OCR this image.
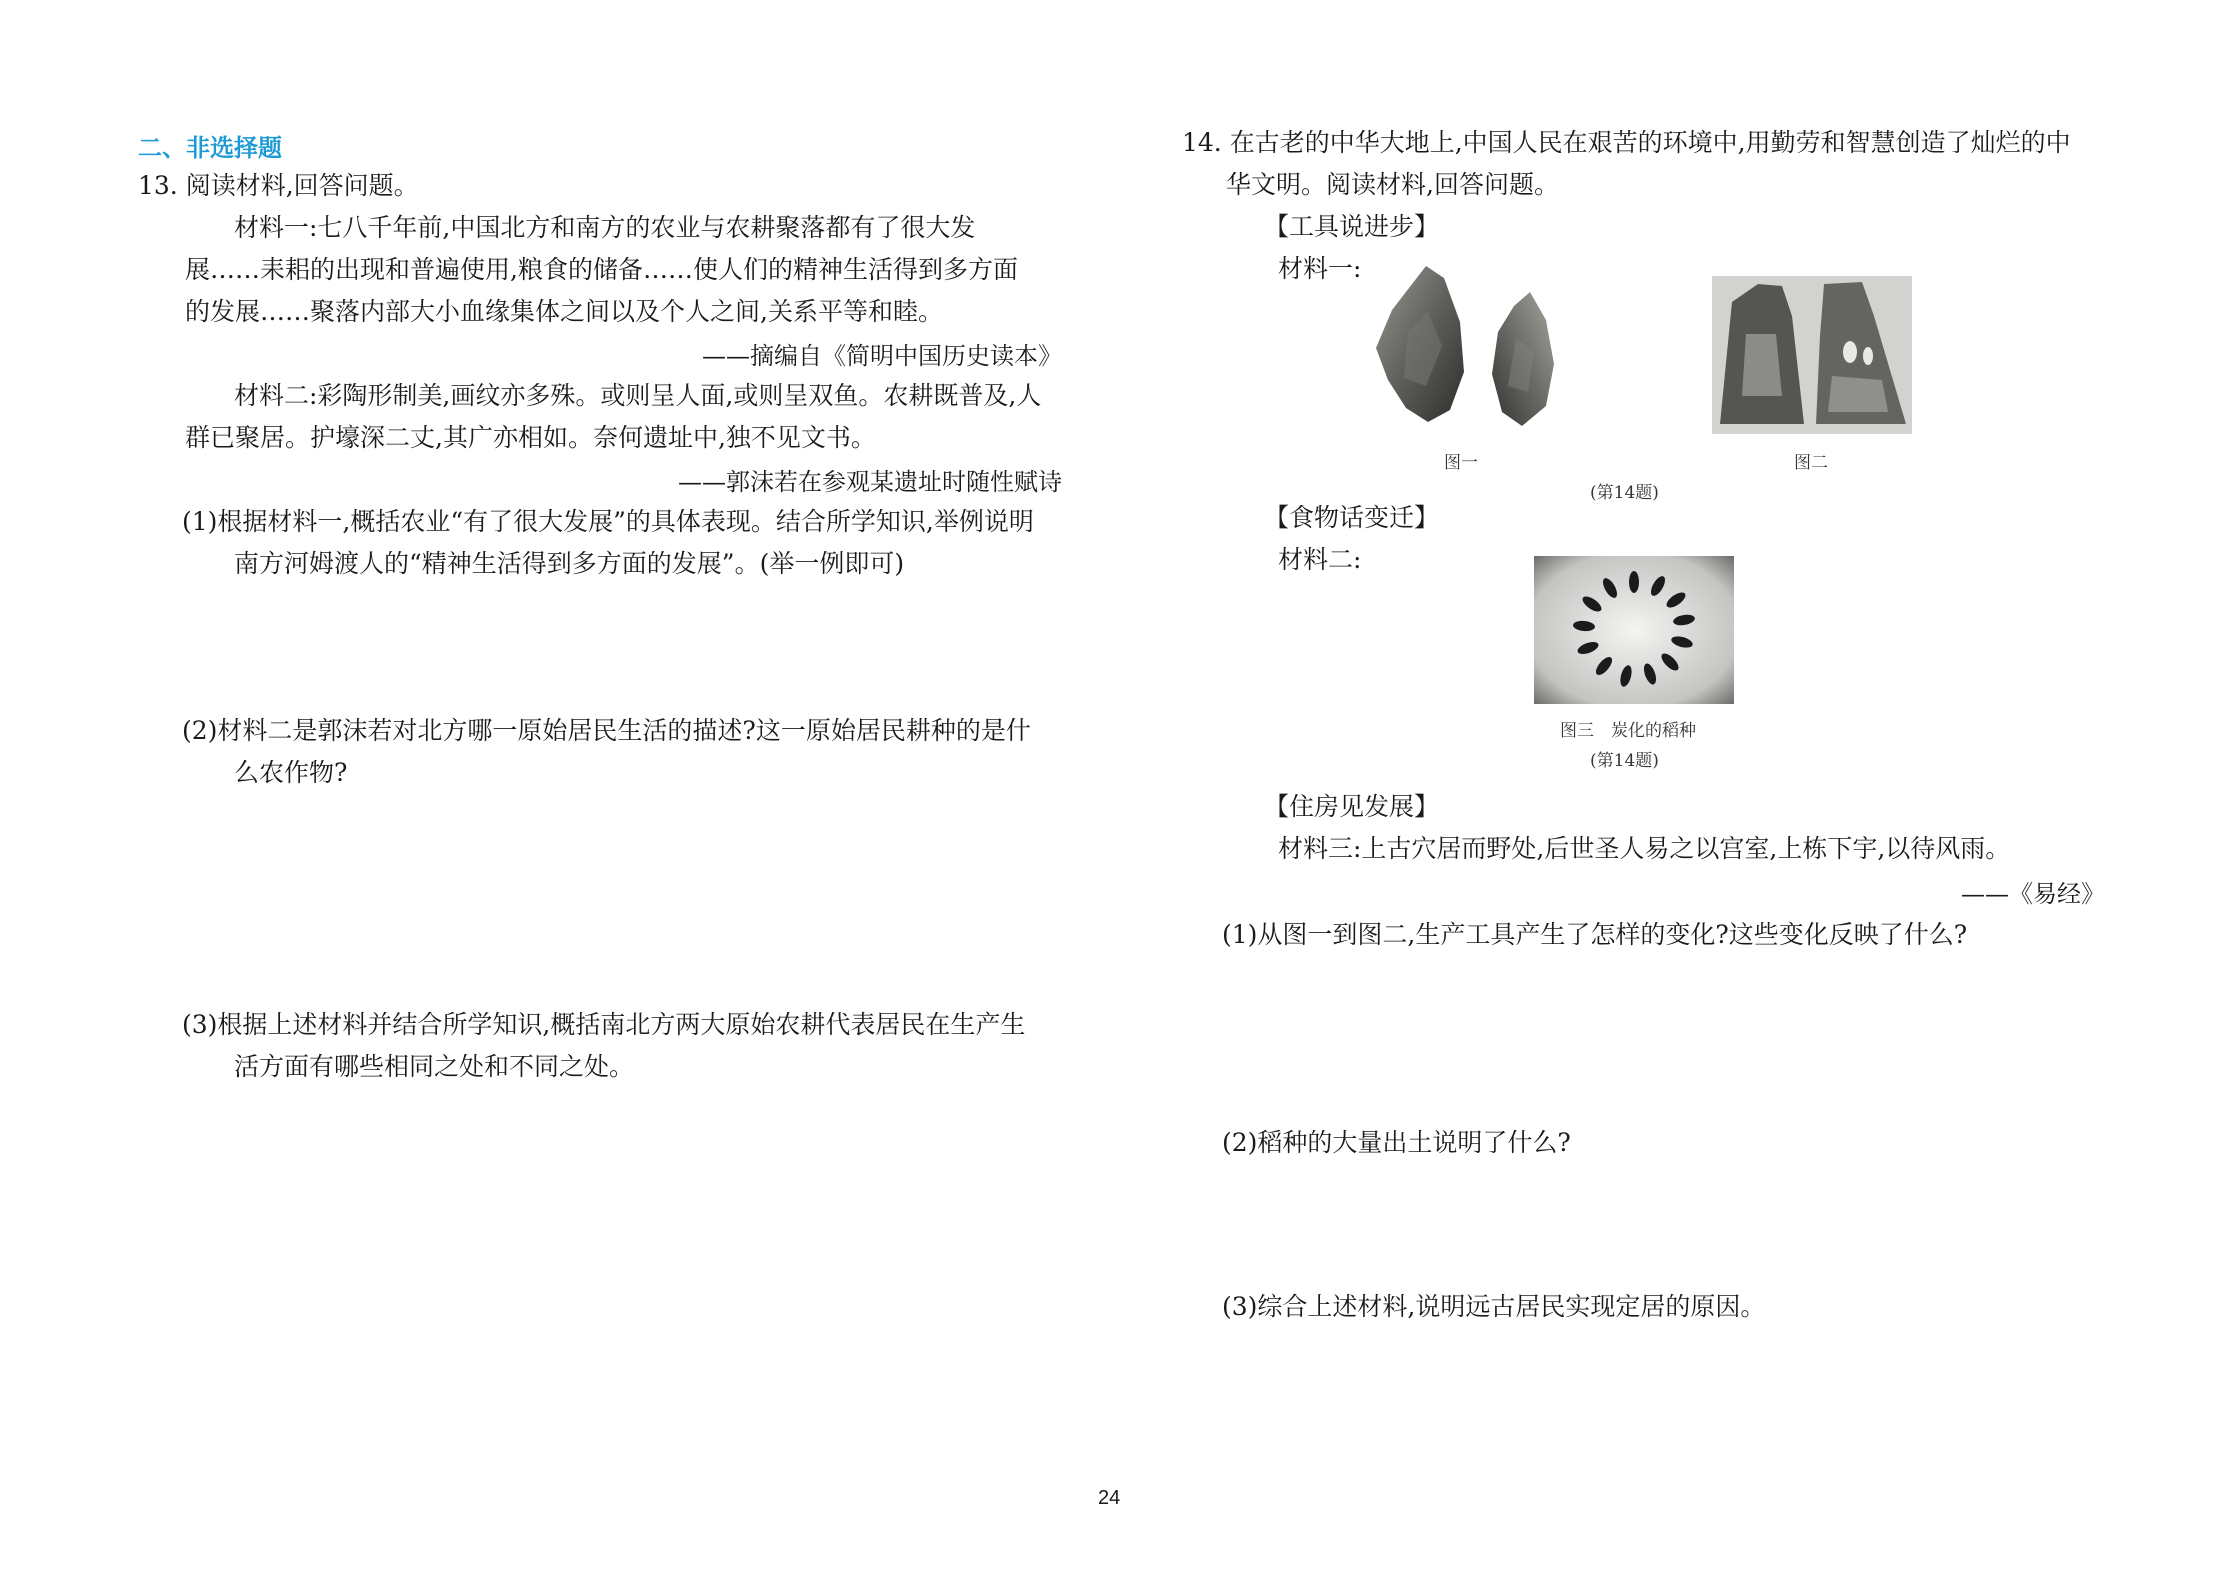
二、非选择题
13. 阅读材料,回答问题。
材料一:七八千年前,中国北方和南方的农业与农耕聚落都有了很大发
展……耒耜的出现和普遍使用,粮食的储备……使人们的精神生活得到多方面
的发展……聚落内部大小血缘集体之间以及个人之间,关系平等和睦。
——摘编自《简明中国历史读本》
材料二:彩陶形制美,画纹亦多殊。或则呈人面,或则呈双鱼。农耕既普及,人
群已聚居。护壕深二丈,其广亦相如。奈何遗址中,独不见文书。
——郭沫若在参观某遗址时随性赋诗
(1)根据材料一,概括农业“有了很大发展”的具体表现。结合所学知识,举例说明
南方河姆渡人的“精神生活得到多方面的发展”。(举一例即可)
(2)材料二是郭沫若对北方哪一原始居民生活的描述?这一原始居民耕种的是什
么农作物?
(3)根据上述材料并结合所学知识,概括南北方两大原始农耕代表居民在生产生
活方面有哪些相同之处和不同之处。
14. 在古老的中华大地上,中国人民在艰苦的环境中,用勤劳和智慧创造了灿烂的中
华文明。阅读材料,回答问题。
【工具说进步】
材料一:
图一	图二
(第14题)
【食物话变迁】
材料二:
图三　炭化的稻种
(第14题)
【住房见发展】
材料三:上古穴居而野处,后世圣人易之以宫室,上栋下宇,以待风雨。
——《易经》
(1)从图一到图二,生产工具产生了怎样的变化?这些变化反映了什么?
(2)稻种的大量出土说明了什么?
(3)综合上述材料,说明远古居民实现定居的原因。
24
